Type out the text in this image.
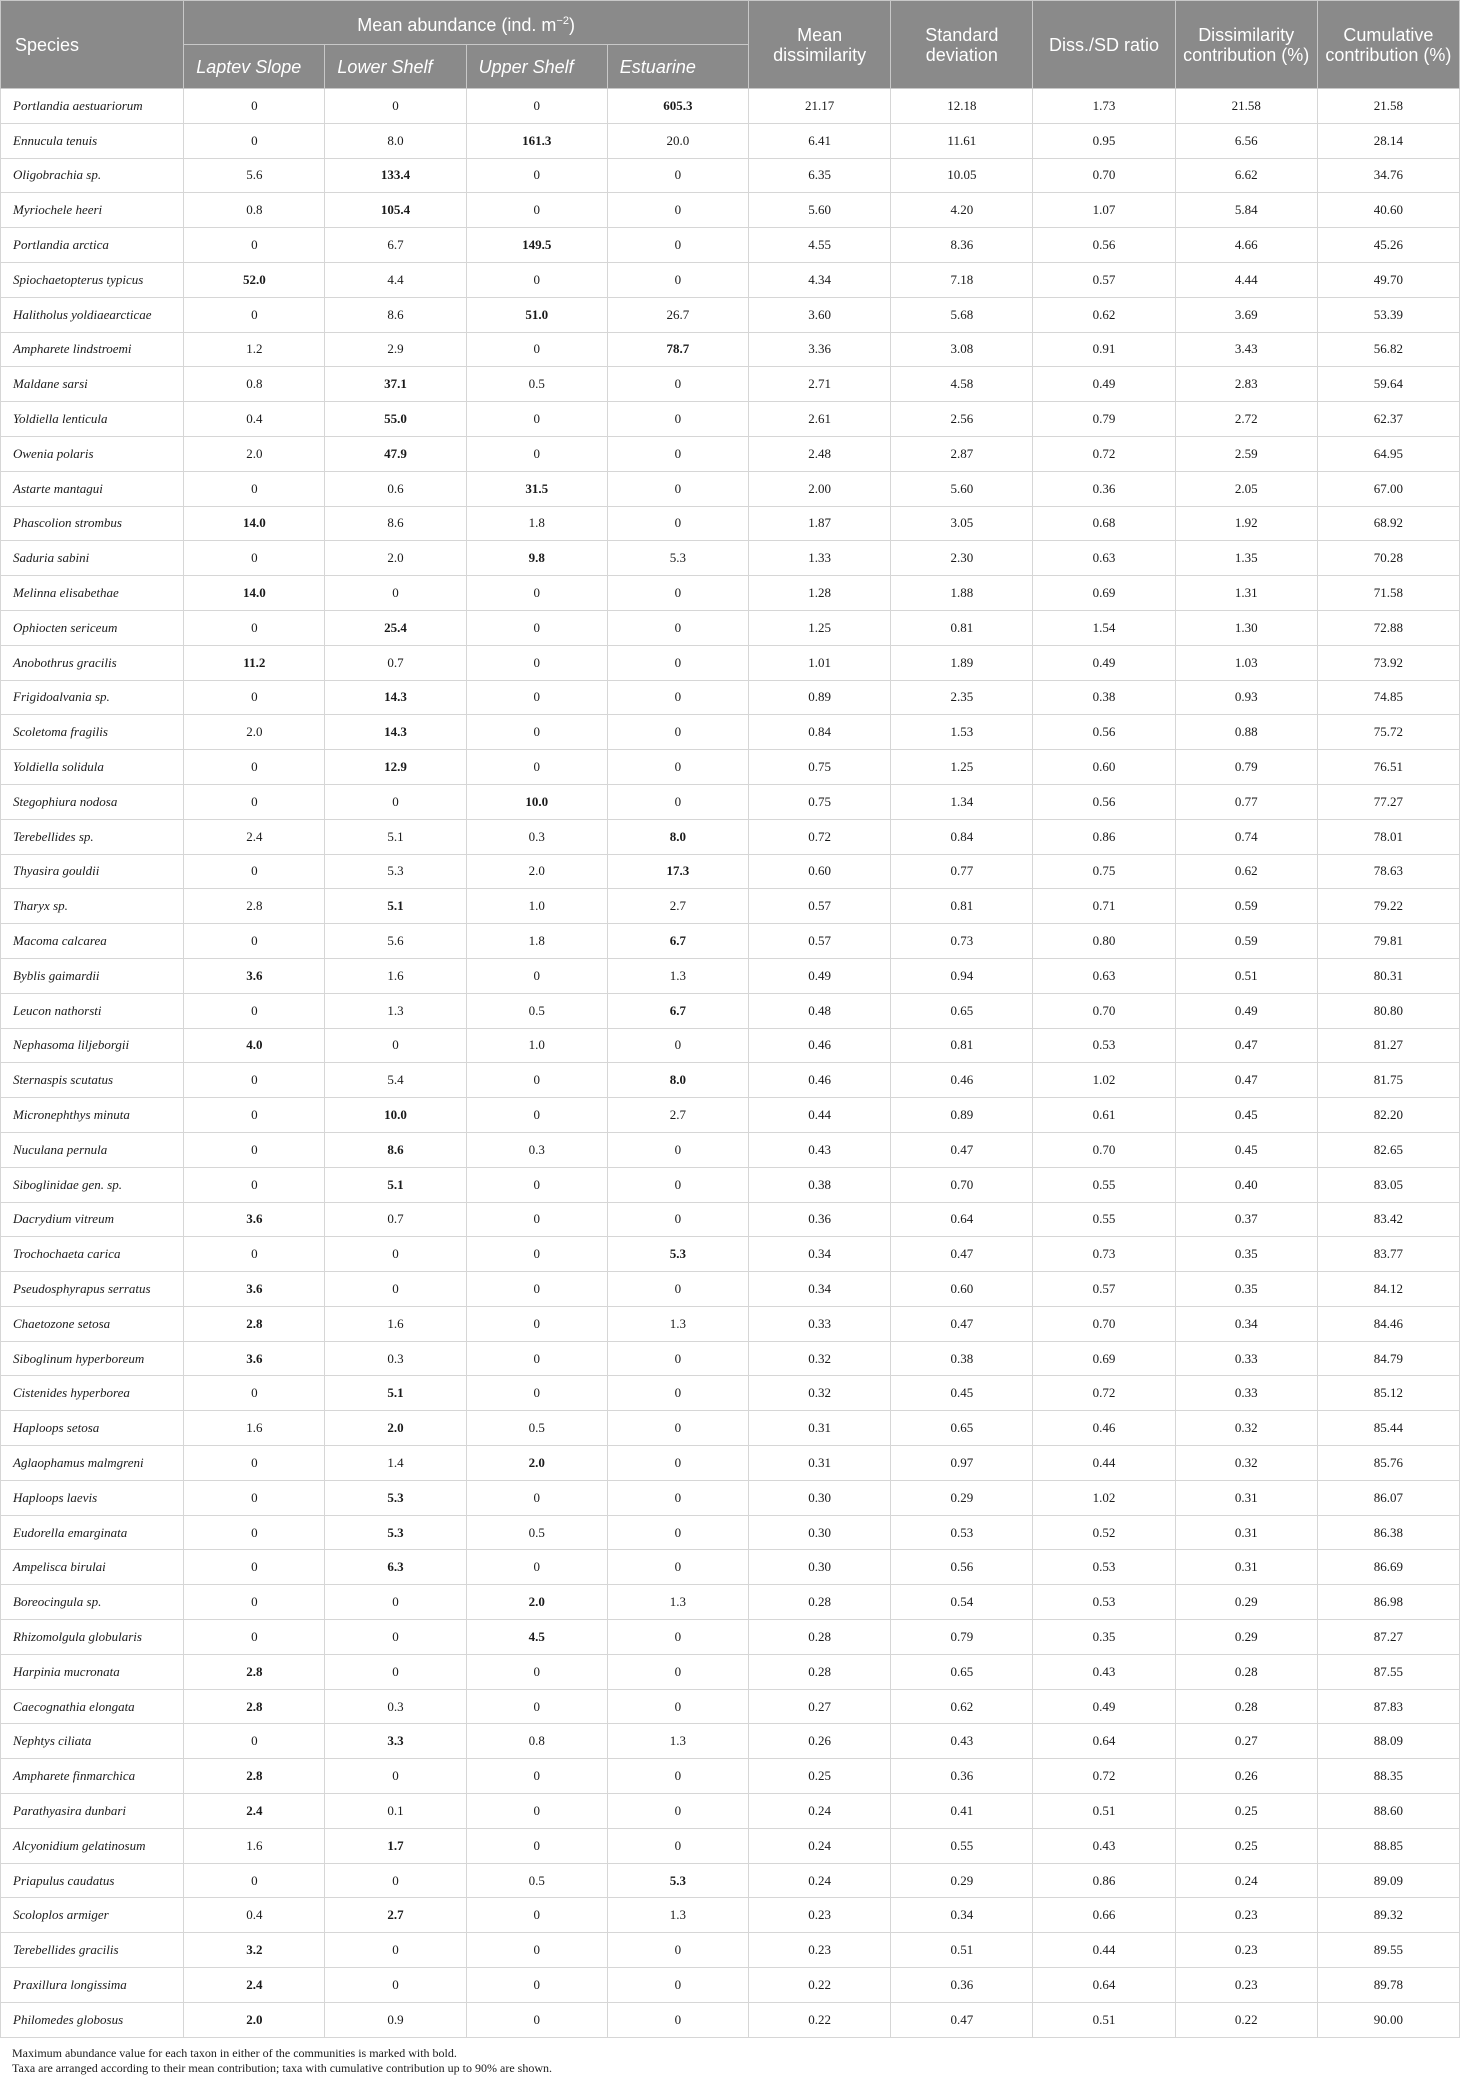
Species	Mean abundance (ind. $m^{-2}$)				Mean dissimilarity	Standard deviation	Diss./SD ratio	Dissimilarity contribution (%)	Cumulative contribution (%)
	Laptev Slope	Lower Shelf	Upper Shelf	Estuarine					
Portlandia aestuariorum	0	0	0	605.3	21.17	12.18	1.73	21.58	21.58
Ennucula tenuis	0	8.0	161.3	20.0	6.41	11.61	0.95	6.56	28.14
Oligobrachia sp.	5.6	133.4	0	0	6.35	10.05	0.70	6.62	34.76
Myriochele heeri	0.8	105.4	0	0	5.60	4.20	1.07	5.84	40.60
Portlandia arctica	0	6.7	149.5	0	4.55	8.36	0.56	4.66	45.26
Spiochaetopterus typicus	52.0	4.4	0	0	4.34	7.18	0.57	4.44	49.70
Halitholus yoldiaearcticae	0	8.6	51.0	26.7	3.60	5.68	0.62	3.69	53.39
Ampharete lindstroemi	1.2	2.9	0	78.7	3.36	3.08	0.91	3.43	56.82
Maldane sarsi	0.8	37.1	0.5	0	2.71	4.58	0.49	2.83	59.64
Yoldiella lenticula	0.4	55.0	0	0	2.61	2.56	0.79	2.72	62.37
Owenia polaris	2.0	47.9	0	0	2.48	2.87	0.72	2.59	64.95
Astarte mantagui	0	0.6	31.5	0	2.00	5.60	0.36	2.05	67.00
Phascolion strombus	14.0	8.6	1.8	0	1.87	3.05	0.68	1.92	68.92
Saduria sabini	0	2.0	9.8	5.3	1.33	2.30	0.63	1.35	70.28
Melinna elisabethae	14.0	0	0	0	1.28	1.88	0.69	1.31	71.58
Ophiocten sericeum	0	25.4	0	0	1.25	0.81	1.54	1.30	72.88
Anobothrus gracilis	11.2	0.7	0	0	1.01	1.89	0.49	1.03	73.92
Frigidoalvania sp.	0	14.3	0	0	0.89	2.35	0.38	0.93	74.85
Scoletoma fragilis	2.0	14.3	0	0	0.84	1.53	0.56	0.88	75.72
Yoldiella solidula	0	12.9	0	0	0.75	1.25	0.60	0.79	76.51
Stegophiura nodosa	0	0	10.0	0	0.75	1.34	0.56	0.77	77.27
Terebellides sp.	2.4	5.1	0.3	8.0	0.72	0.84	0.86	0.74	78.01
Thyasira gouldii	0	5.3	2.0	17.3	0.60	0.77	0.75	0.62	78.63
Tharyx sp.	2.8	5.1	1.0	2.7	0.57	0.81	0.71	0.59	79.22
Macoma calcarea	0	5.6	1.8	6.7	0.57	0.73	0.80	0.59	79.81
Byblis gaimardii	3.6	1.6	0	1.3	0.49	0.94	0.63	0.51	80.31
Leucon nathorsti	0	1.3	0.5	6.7	0.48	0.65	0.70	0.49	80.80
Nephasoma liljeborgii	4.0	0	1.0	0	0.46	0.81	0.53	0.47	81.27
Sternaspis scutatus	0	5.4	0	8.0	0.46	0.46	1.02	0.47	81.75
Micronephthys minuta	0	10.0	0	2.7	0.44	0.89	0.61	0.45	82.20
Nuculana pernula	0	8.6	0.3	0	0.43	0.47	0.70	0.45	82.65
Siboglinidae gen. sp.	0	5.1	0	0	0.38	0.70	0.55	0.40	83.05
Dacrydium vitreum	3.6	0.7	0	0	0.36	0.64	0.55	0.37	83.42
Trochochaeta carica	0	0	0	5.3	0.34	0.47	0.73	0.35	83.77
Pseudosphyrapus serratus	3.6	0	0	0	0.34	0.60	0.57	0.35	84.12
Chaetozone setosa	2.8	1.6	0	1.3	0.33	0.47	0.70	0.34	84.46
Siboglinum hyperboreum	3.6	0.3	0	0	0.32	0.38	0.69	0.33	84.79
Cistenides hyperborea	0	5.1	0	0	0.32	0.45	0.72	0.33	85.12
Haploops setosa	1.6	2.0	0.5	0	0.31	0.65	0.46	0.32	85.44
Aglaophamus malmgreni	0	1.4	2.0	0	0.31	0.97	0.44	0.32	85.76
Haploops laevis	0	5.3	0	0	0.30	0.29	1.02	0.31	86.07
Eudorella emarginata	0	5.3	0.5	0	0.30	0.53	0.52	0.31	86.38
Ampelisca birulai	0	6.3	0	0	0.30	0.56	0.53	0.31	86.69
Boreocingula sp.	0	0	2.0	1.3	0.28	0.54	0.53	0.29	86.98
Rhizomolgula globularis	0	0	4.5	0	0.28	0.79	0.35	0.29	87.27
Harpinia mucronata	2.8	0	0	0	0.28	0.65	0.43	0.28	87.55
Caecognathia elongata	2.8	0.3	0	0	0.27	0.62	0.49	0.28	87.83
Nephtys ciliata	0	3.3	0.8	1.3	0.26	0.43	0.64	0.27	88.09
Ampharete finmarchica	2.8	0	0	0	0.25	0.36	0.72	0.26	88.35
Parathyasira dunbari	2.4	0.1	0	0	0.24	0.41	0.51	0.25	88.60
Alcyonidium gelatinosum	1.6	1.7	0	0	0.24	0.55	0.43	0.25	88.85
Priapulus caudatus	0	0	0.5	5.3	0.24	0.29	0.86	0.24	89.09
Scoloplos armiger	0.4	2.7	0	1.3	0.23	0.34	0.66	0.23	89.32
Terebellides gracilis	3.2	0	0	0	0.23	0.51	0.44	0.23	89.55
Praxillura longissima	2.4	0	0	0	0.22	0.36	0.64	0.23	89.78
Philomedes globosus	2.0	0.9	0	0	0.22	0.47	0.51	0.22	90.00
Maximum abundance value for each taxon in either of the communities is marked with bold.
Taxa are arranged according to their mean contribution; taxa with cumulative contribution up to 90% are shown.
